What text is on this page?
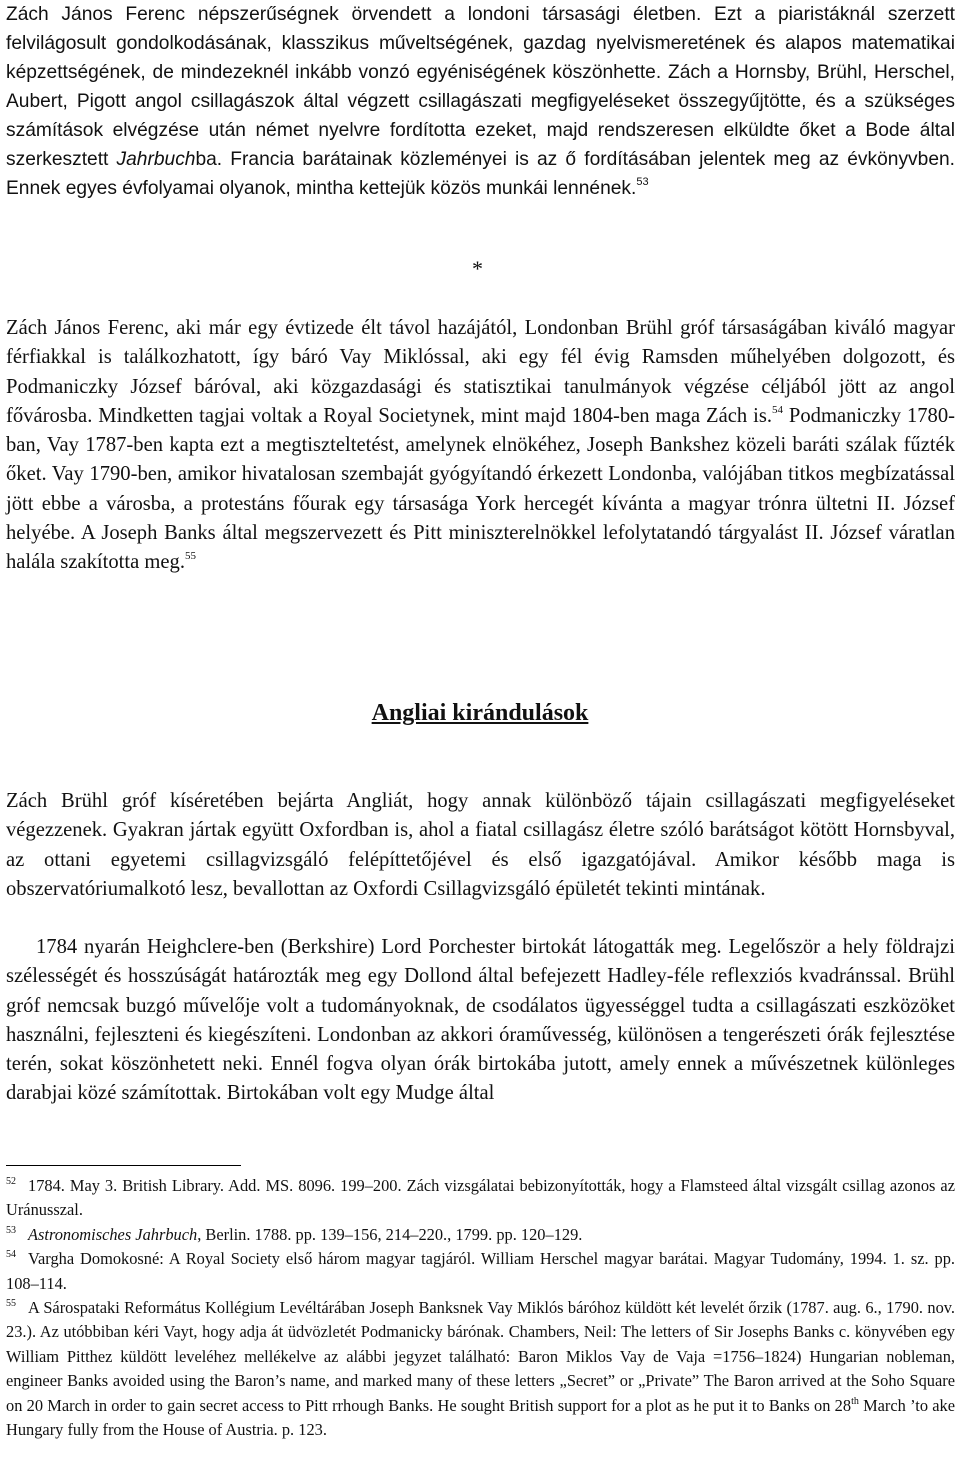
Zách János Ferenc népszerűségnek örvendett a londoni társasági életben. Ezt a piaristáknál szerzett felvilágosult gondolkodásának, klasszikus műveltségének, gazdag nyelvismeretének és alapos matematikai képzettségének, de mindezeknél inkább vonzó egyéniségének köszönhette. Zách a Hornsby, Brühl, Herschel, Aubert, Pigott angol csillagászok által végzett csillagászati megfigyeléseket összegyűjtötte, és a szükséges számítások elvégzése után német nyelvre fordította ezeket, majd rendszeresen elküldte őket a Bode által szerkesztett Jahrbuchba. Francia barátainak közleményei is az ő fordításában jelentek meg az évkönyvben. Ennek egyes évfolyamai olyanok, mintha kettejük közös munkái lennének.$^{53}$

*

Zách János Ferenc, aki már egy évtizede élt távol hazájától, Londonban Brühl gróf társaságában kiváló magyar férfiakkal is találkozhatott, így báró Vay Miklóssal, aki egy fél évig Ramsden műhelyében dolgozott, és Podmaniczky József báróval, aki közgazdasági és statisztikai tanulmányok végzése céljából jött az angol fővárosba. Mindketten tagjai voltak a Royal Societynek, mint majd 1804-ben maga Zách is.$^{54}$ Podmaniczky 1780-ban, Vay 1787-ben kapta ezt a megtiszteltetést, amelynek elnökéhez, Joseph Bankshez közeli baráti szálak fűzték őket. Vay 1790-ben, amikor hivatalosan szembaját gyógyítandó érkezett Londonba, valójában titkos megbízatással jött ebbe a városba, a protestáns főurak egy társasága York hercegét kívánta a magyar trónra ültetni II. József helyébe. A Joseph Banks által megszervezett és Pitt miniszterelnökkel lefolytatandó tárgyalást II. József váratlan halála szakította meg.$^{55}$

Angliai kirándulások

Zách Brühl gróf kíséretében bejárta Angliát, hogy annak különböző tájain csillagászati megfigyeléseket végezzenek. Gyakran jártak együtt Oxfordban is, ahol a fiatal csillagász életre szóló barátságot kötött Hornsbyval, az ottani egyetemi csillagvizsgáló felépíttetőjével és első igazgatójával. Amikor később maga is obszervatóriumalkotó lesz, bevallottan az Oxfordi Csillagvizsgáló épületét tekinti mintának.

1784 nyarán Heighclere-ben (Berkshire) Lord Porchester birtokát látogatták meg. Legelőször a hely földrajzi szélességét és hosszúságát határozták meg egy Dollond által befejezett Hadley-féle reflexziós kvadránssal. Brühl gróf nemcsak buzgó művelője volt a tudományoknak, de csodálatos ügyességgel tudta a csillagászati eszközöket használni, fejleszteni és kiegészíteni. Londonban az akkori óraművesség, különösen a tengerészeti órák fejlesztése terén, sokat köszönhetett neki. Ennél fogva olyan órák birtokába jutott, amely ennek a művészetnek különleges darabjai közé számítottak. Birtokában volt egy Mudge által

$^{52}$ 1784. May 3. British Library. Add. MS. 8096. 199–200. Zách vizsgálatai bebizonyították, hogy a Flamsteed által vizsgált csillag azonos az Uránusszal.

$^{53}$ Astronomisches Jahrbuch, Berlin. 1788. pp. 139–156, 214–220., 1799. pp. 120–129.

$^{54}$ Vargha Domokosné: A Royal Society első három magyar tagjáról. William Herschel magyar barátai. Magyar Tudomány, 1994. 1. sz. pp. 108–114.

$^{55}$ A Sárospataki Református Kollégium Levéltárában Joseph Banksnek Vay Miklós báróhoz küldött két levelét őrzik (1787. aug. 6., 1790. nov. 23.). Az utóbbiban kéri Vayt, hogy adja át üdvözletét Podmanicky bárónak. Chambers, Neil: The letters of Sir Josephs Banks c. könyvében egy William Pitthez küldött leveléhez mellékelve az alábbi jegyzet található: Baron Miklos Vay de Vaja =1756–1824) Hungarian nobleman, engineer Banks avoided using the Baron’s name, and marked many of these letters „Secret” or „Private” The Baron arrived at the Soho Square on 20 March in order to gain secret access to Pitt rrhough Banks. He sought British support for a plot as he put it to Banks on 28th March ’to ake Hungary fully from the House of Austria. p. 123.
